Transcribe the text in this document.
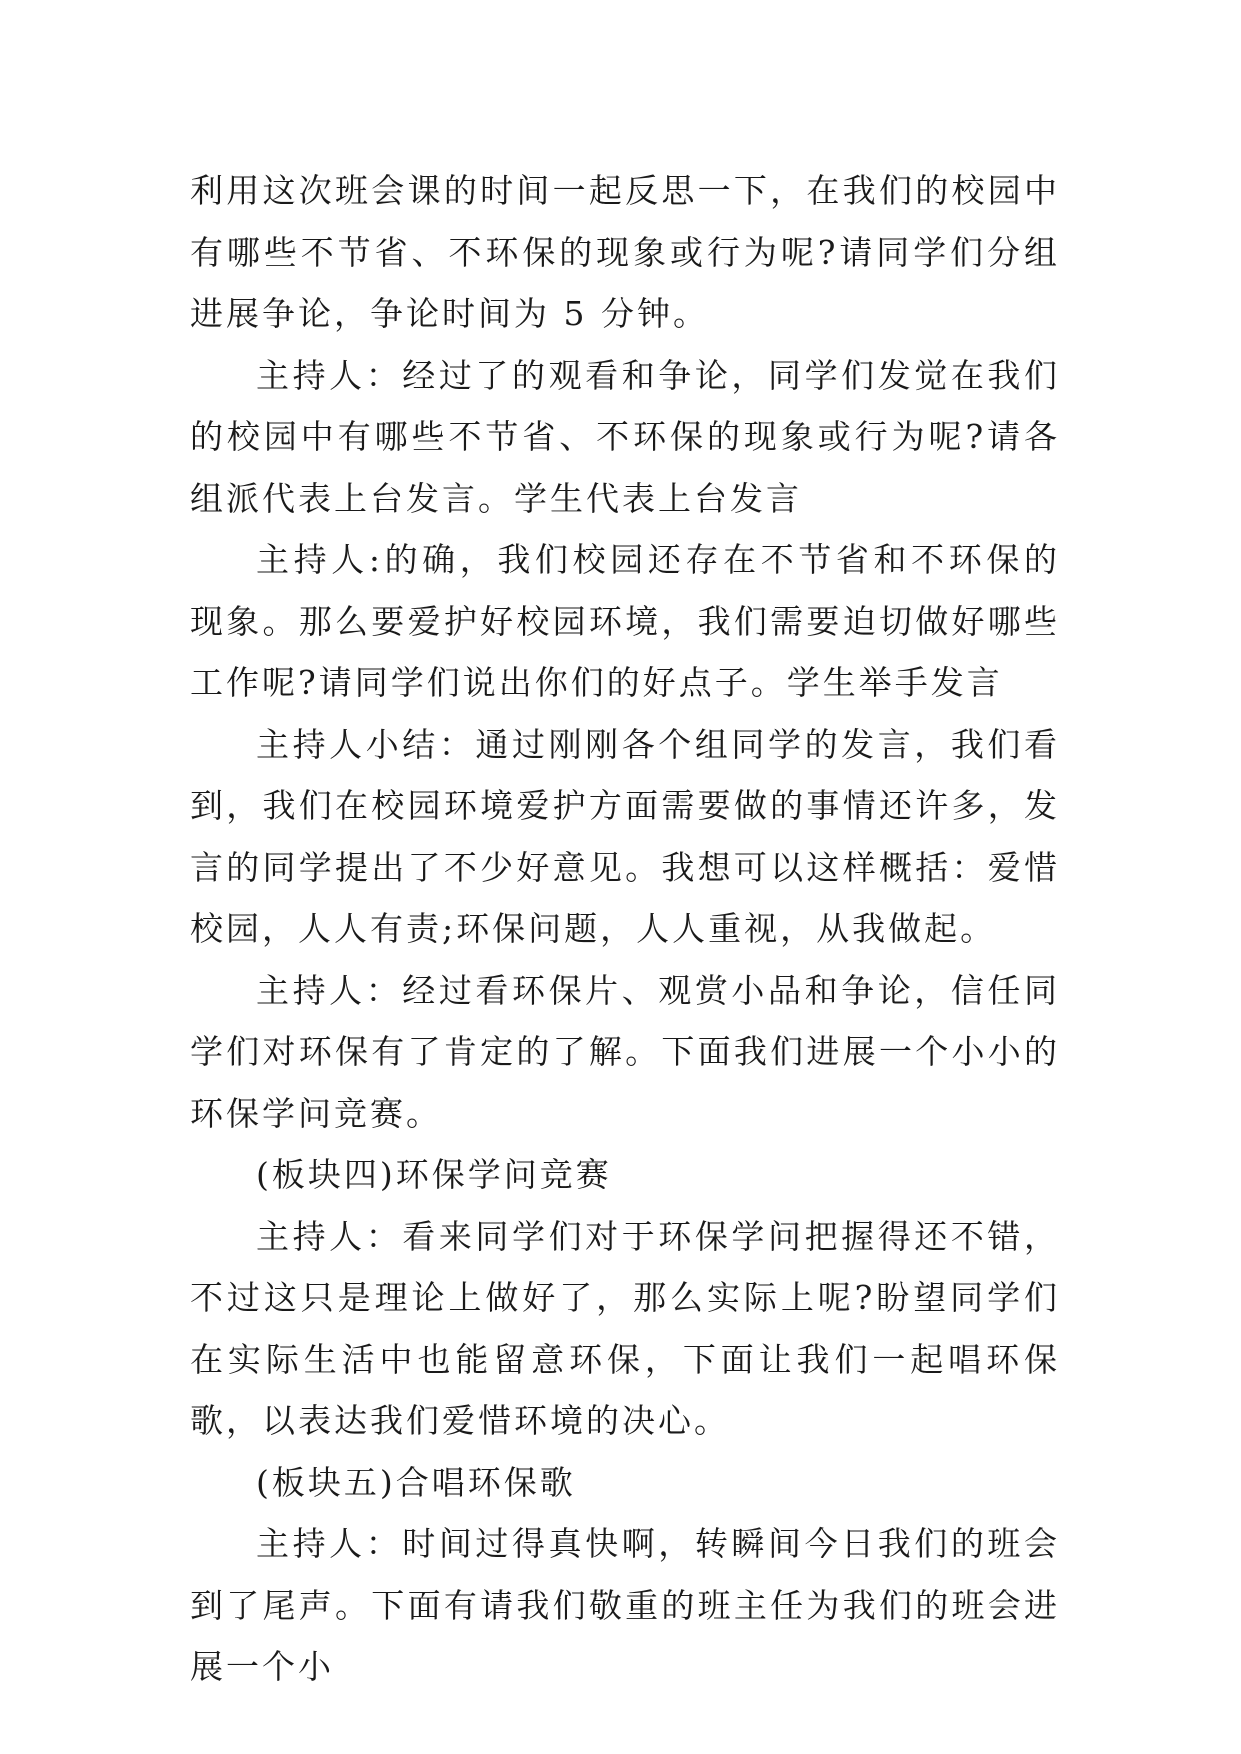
利用这次班会课的时间一起反思一下，在我们的校园中有哪些不节省、不环保的现象或行为呢?请同学们分组进展争论，争论时间为 5 分钟。

主持人：经过了的观看和争论，同学们发觉在我们的校园中有哪些不节省、不环保的现象或行为呢?请各组派代表上台发言。学生代表上台发言

主持人:的确，我们校园还存在不节省和不环保的现象。那么要爱护好校园环境，我们需要迫切做好哪些工作呢?请同学们说出你们的好点子。学生举手发言

主持人小结：通过刚刚各个组同学的发言，我们看到，我们在校园环境爱护方面需要做的事情还许多，发言的同学提出了不少好意见。我想可以这样概括：爱惜校园，人人有责;环保问题，人人重视，从我做起。

主持人：经过看环保片、观赏小品和争论，信任同学们对环保有了肯定的了解。下面我们进展一个小小的环保学问竞赛。

(板块四)环保学问竞赛

主持人：看来同学们对于环保学问把握得还不错，不过这只是理论上做好了，那么实际上呢?盼望同学们在实际生活中也能留意环保，下面让我们一起唱环保歌，以表达我们爱惜环境的决心。

(板块五)合唱环保歌

主持人：时间过得真快啊，转瞬间今日我们的班会到了尾声。下面有请我们敬重的班主任为我们的班会进展一个小
